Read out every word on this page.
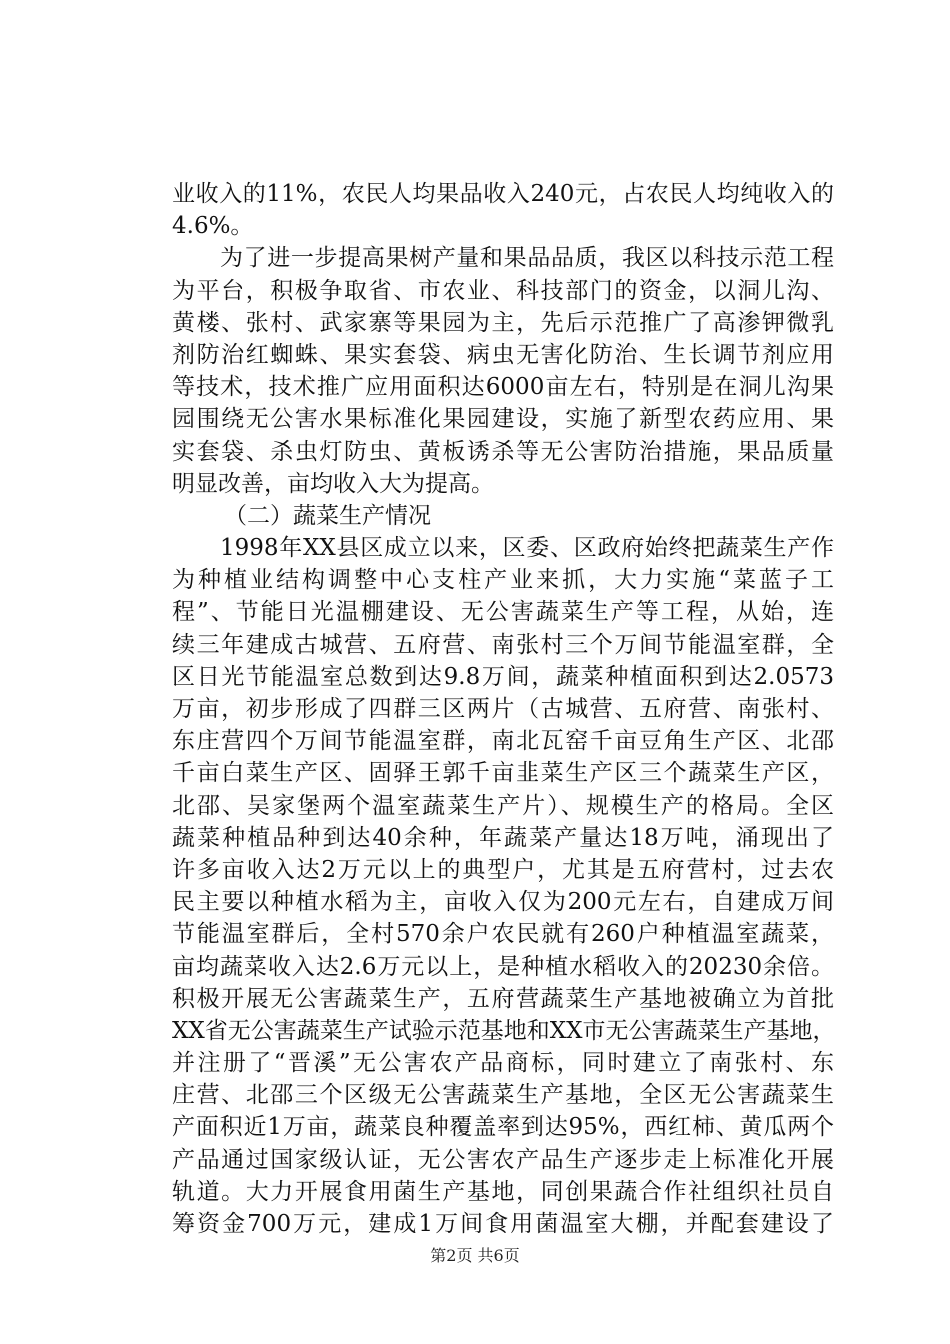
业收入的11%，农民人均果品收入240元，占农民人均纯收入的
4.6%。
为了进一步提高果树产量和果品品质，我区以科技示范工程
为平台，积极争取省、市农业、科技部门的资金，以洞儿沟、
黄楼、张村、武家寨等果园为主，先后示范推广了高渗钾微乳
剂防治红蜘蛛、果实套袋、病虫无害化防治、生长调节剂应用
等技术，技术推广应用面积达6000亩左右，特别是在洞儿沟果
园围绕无公害水果标准化果园建设，实施了新型农药应用、果
实套袋、杀虫灯防虫、黄板诱杀等无公害防治措施，果品质量
明显改善，亩均收入大为提高。
（二）蔬菜生产情况
1998年XX县区成立以来，区委、区政府始终把蔬菜生产作
为种植业结构调整中心支柱产业来抓，大力实施“菜蓝子工
程”、节能日光温棚建设、无公害蔬菜生产等工程，从始，连
续三年建成古城营、五府营、南张村三个万间节能温室群，全
区日光节能温室总数到达9.8万间，蔬菜种植面积到达2.0573
万亩，初步形成了四群三区两片（古城营、五府营、南张村、
东庄营四个万间节能温室群，南北瓦窑千亩豆角生产区、北邵
千亩白菜生产区、固驿王郭千亩韭菜生产区三个蔬菜生产区，
北邵、吴家堡两个温室蔬菜生产片）、规模生产的格局。全区
蔬菜种植品种到达40余种，年蔬菜产量达18万吨，涌现出了
许多亩收入达2万元以上的典型户，尤其是五府营村，过去农
民主要以种植水稻为主，亩收入仅为200元左右，自建成万间
节能温室群后，全村570余户农民就有260户种植温室蔬菜，
亩均蔬菜收入达2.6万元以上，是种植水稻收入的20230余倍。
积极开展无公害蔬菜生产，五府营蔬菜生产基地被确立为首批
XX省无公害蔬菜生产试验示范基地和XX市无公害蔬菜生产基地，
并注册了“晋溪”无公害农产品商标，同时建立了南张村、东
庄营、北邵三个区级无公害蔬菜生产基地，全区无公害蔬菜生
产面积近1万亩，蔬菜良种覆盖率到达95%，西红柿、黄瓜两个
产品通过国家级认证，无公害农产品生产逐步走上标准化开展
轨道。大力开展食用菌生产基地，同创果蔬合作社组织社员自
筹资金700万元，建成1万间食用菌温室大棚，并配套建设了
第2页 共6页
